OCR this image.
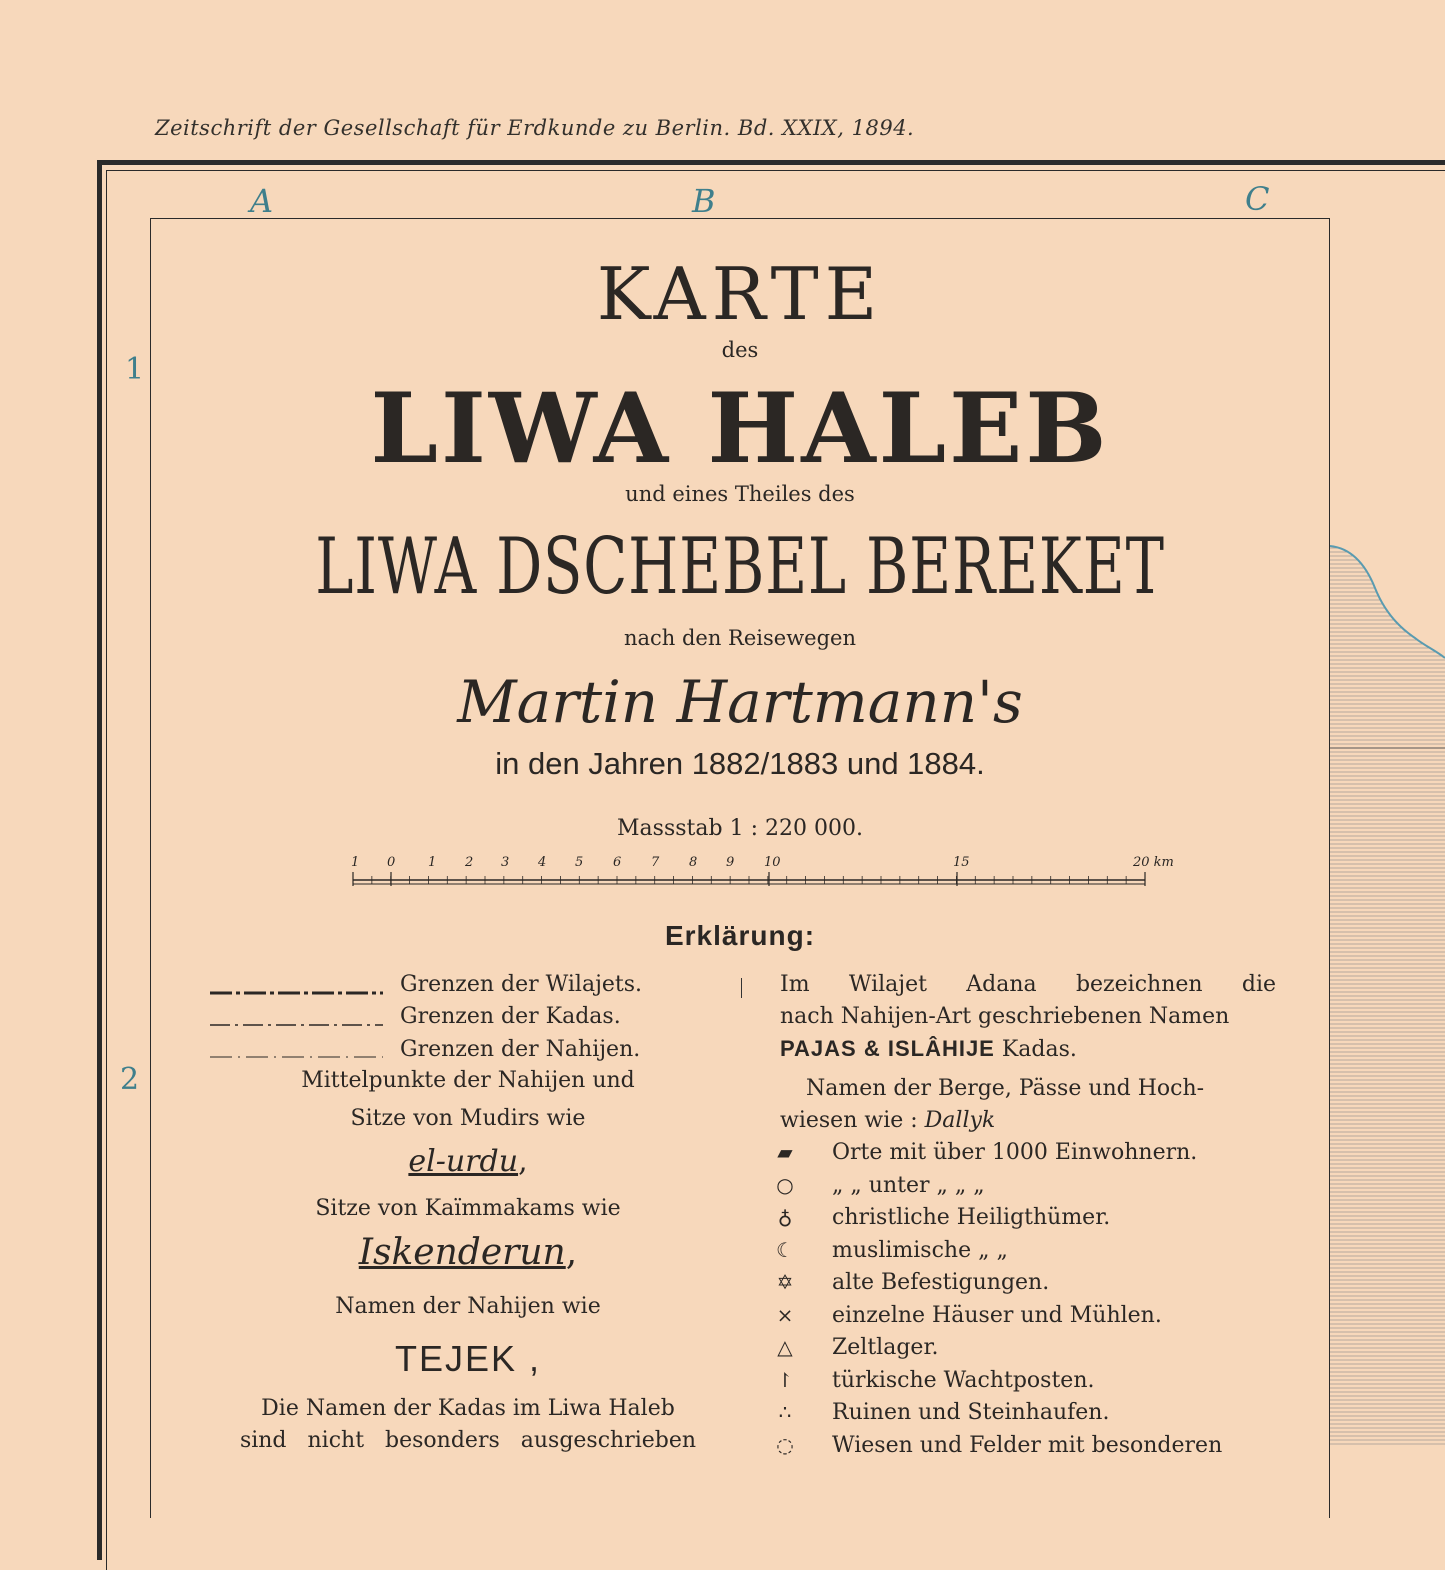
Zeitschrift der Gesellschaft für Erdkunde zu Berlin. Bd. XXIX, 1894.
A	B	C
1
2
KARTE
des
LIWA HALEB
und eines Theiles des
LIWA DSCHEBEL BEREKET
nach den Reisewegen
Martin Hartmann's
in den Jahren 1882/1883 und 1884.
Massstab 1 : 220 000.
1 0	1 2 3 4 5 6 7 8 9 10	15	20 km
Erklärung:
Grenzen der Wilajets.
Grenzen der Kadas.
Grenzen der Nahijen.
Mittelpunkte der Nahijen und
Sitze von Mudirs wie
el-urdu,
Sitze von Kaïmmakams wie
Iskenderun,
Namen der Nahijen wie
TEJEK ,
Die Namen der Kadas im Liwa Haleb
sind nicht besonders ausgeschrieben
Im Wilajet Adana bezeichnen die
nach Nahijen-Art geschriebenen Namen
PAJAS & ISLÂHIJE Kadas.
Namen der Berge, Pässe und Hoch-
wiesen wie : Dallyk
▰	Orte mit über 1000 Einwohnern.
○ „ „ unter „ „ „
♁	christliche Heiligthümer.
☾ muslimische „ „
✡	alte Befestigungen.
×	einzelne Häuser und Mühlen.
△	Zeltlager.
↾	türkische Wachtposten.
∴	Ruinen und Steinhaufen.
◌ Wiesen und Felder mit besonderen
